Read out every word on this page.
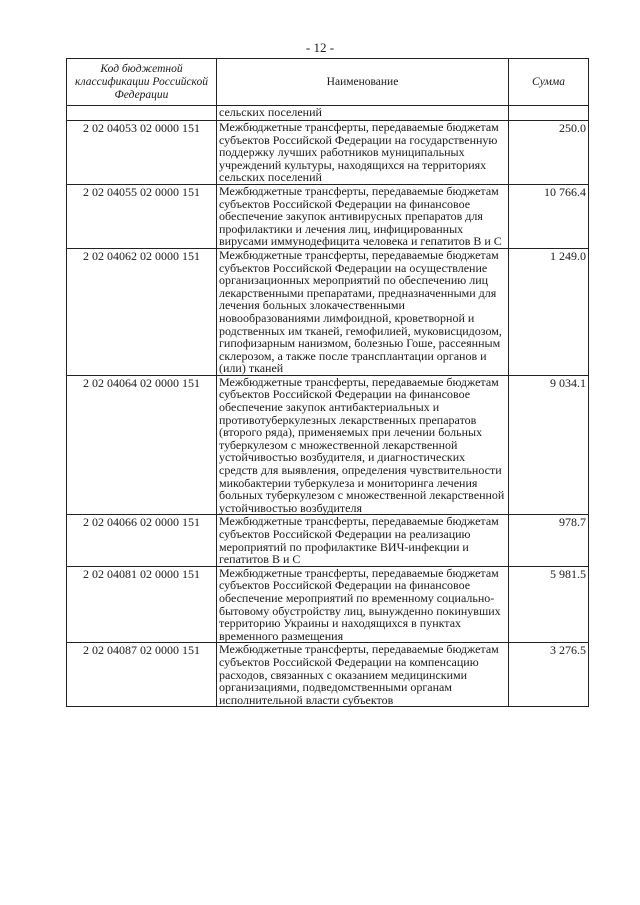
- 12 -
Код бюджетной классификации Российской Федерации	Наименование	Сумма
	сельских поселений	
2 02 04053 02 0000 151	Межбюджетные трансферты, передаваемые бюджетам субъектов Российской Федерации на государственную поддержку лучших работников муниципальных учреждений культуры, находящихся на территориях сельских поселений	250.0
2 02 04055 02 0000 151	Межбюджетные трансферты, передаваемые бюджетам субъектов Российской Федерации на финансовое обеспечение закупок антивирусных препаратов для профилактики и лечения лиц, инфицированных вирусами иммунодефицита человека и гепатитов В и С	10 766.4
2 02 04062 02 0000 151	Межбюджетные трансферты, передаваемые бюджетам субъектов Российской Федерации на осуществление организационных мероприятий по обеспечению лиц лекарственными препаратами, предназначенными для лечения больных злокачественными новообразованиями лимфоидной, кроветворной и родственных им тканей, гемофилией, муковисцидозом, гипофизарным нанизмом, болезнью Гоше, рассеянным склерозом, а также после трансплантации органов и (или) тканей	1 249.0
2 02 04064 02 0000 151	Межбюджетные трансферты, передаваемые бюджетам субъектов Российской Федерации на финансовое обеспечение закупок антибактериальных и противотуберкулезных лекарственных препаратов (второго ряда), применяемых при лечении больных туберкулезом с множественной лекарственной устойчивостью возбудителя, и диагностических средств для выявления, определения чувствительности микобактерии туберкулеза и мониторинга лечения больных туберкулезом с множественной лекарственной устойчивостью возбудителя	9 034.1
2 02 04066 02 0000 151	Межбюджетные трансферты, передаваемые бюджетам субъектов Российской Федерации на реализацию мероприятий по профилактике ВИЧ-инфекции и гепатитов В и С	978.7
2 02 04081 02 0000 151	Межбюджетные трансферты, передаваемые бюджетам субъектов Российской Федерации на финансовое обеспечение мероприятий по временному социально-бытовому обустройству лиц, вынужденно покинувших территорию Украины и находящихся в пунктах временного размещения	5 981.5
2 02 04087 02 0000 151	Межбюджетные трансферты, передаваемые бюджетам субъектов Российской Федерации на компенсацию расходов, связанных с оказанием медицинскими организациями, подведомственными органам исполнительной власти субъектов	3 276.5
